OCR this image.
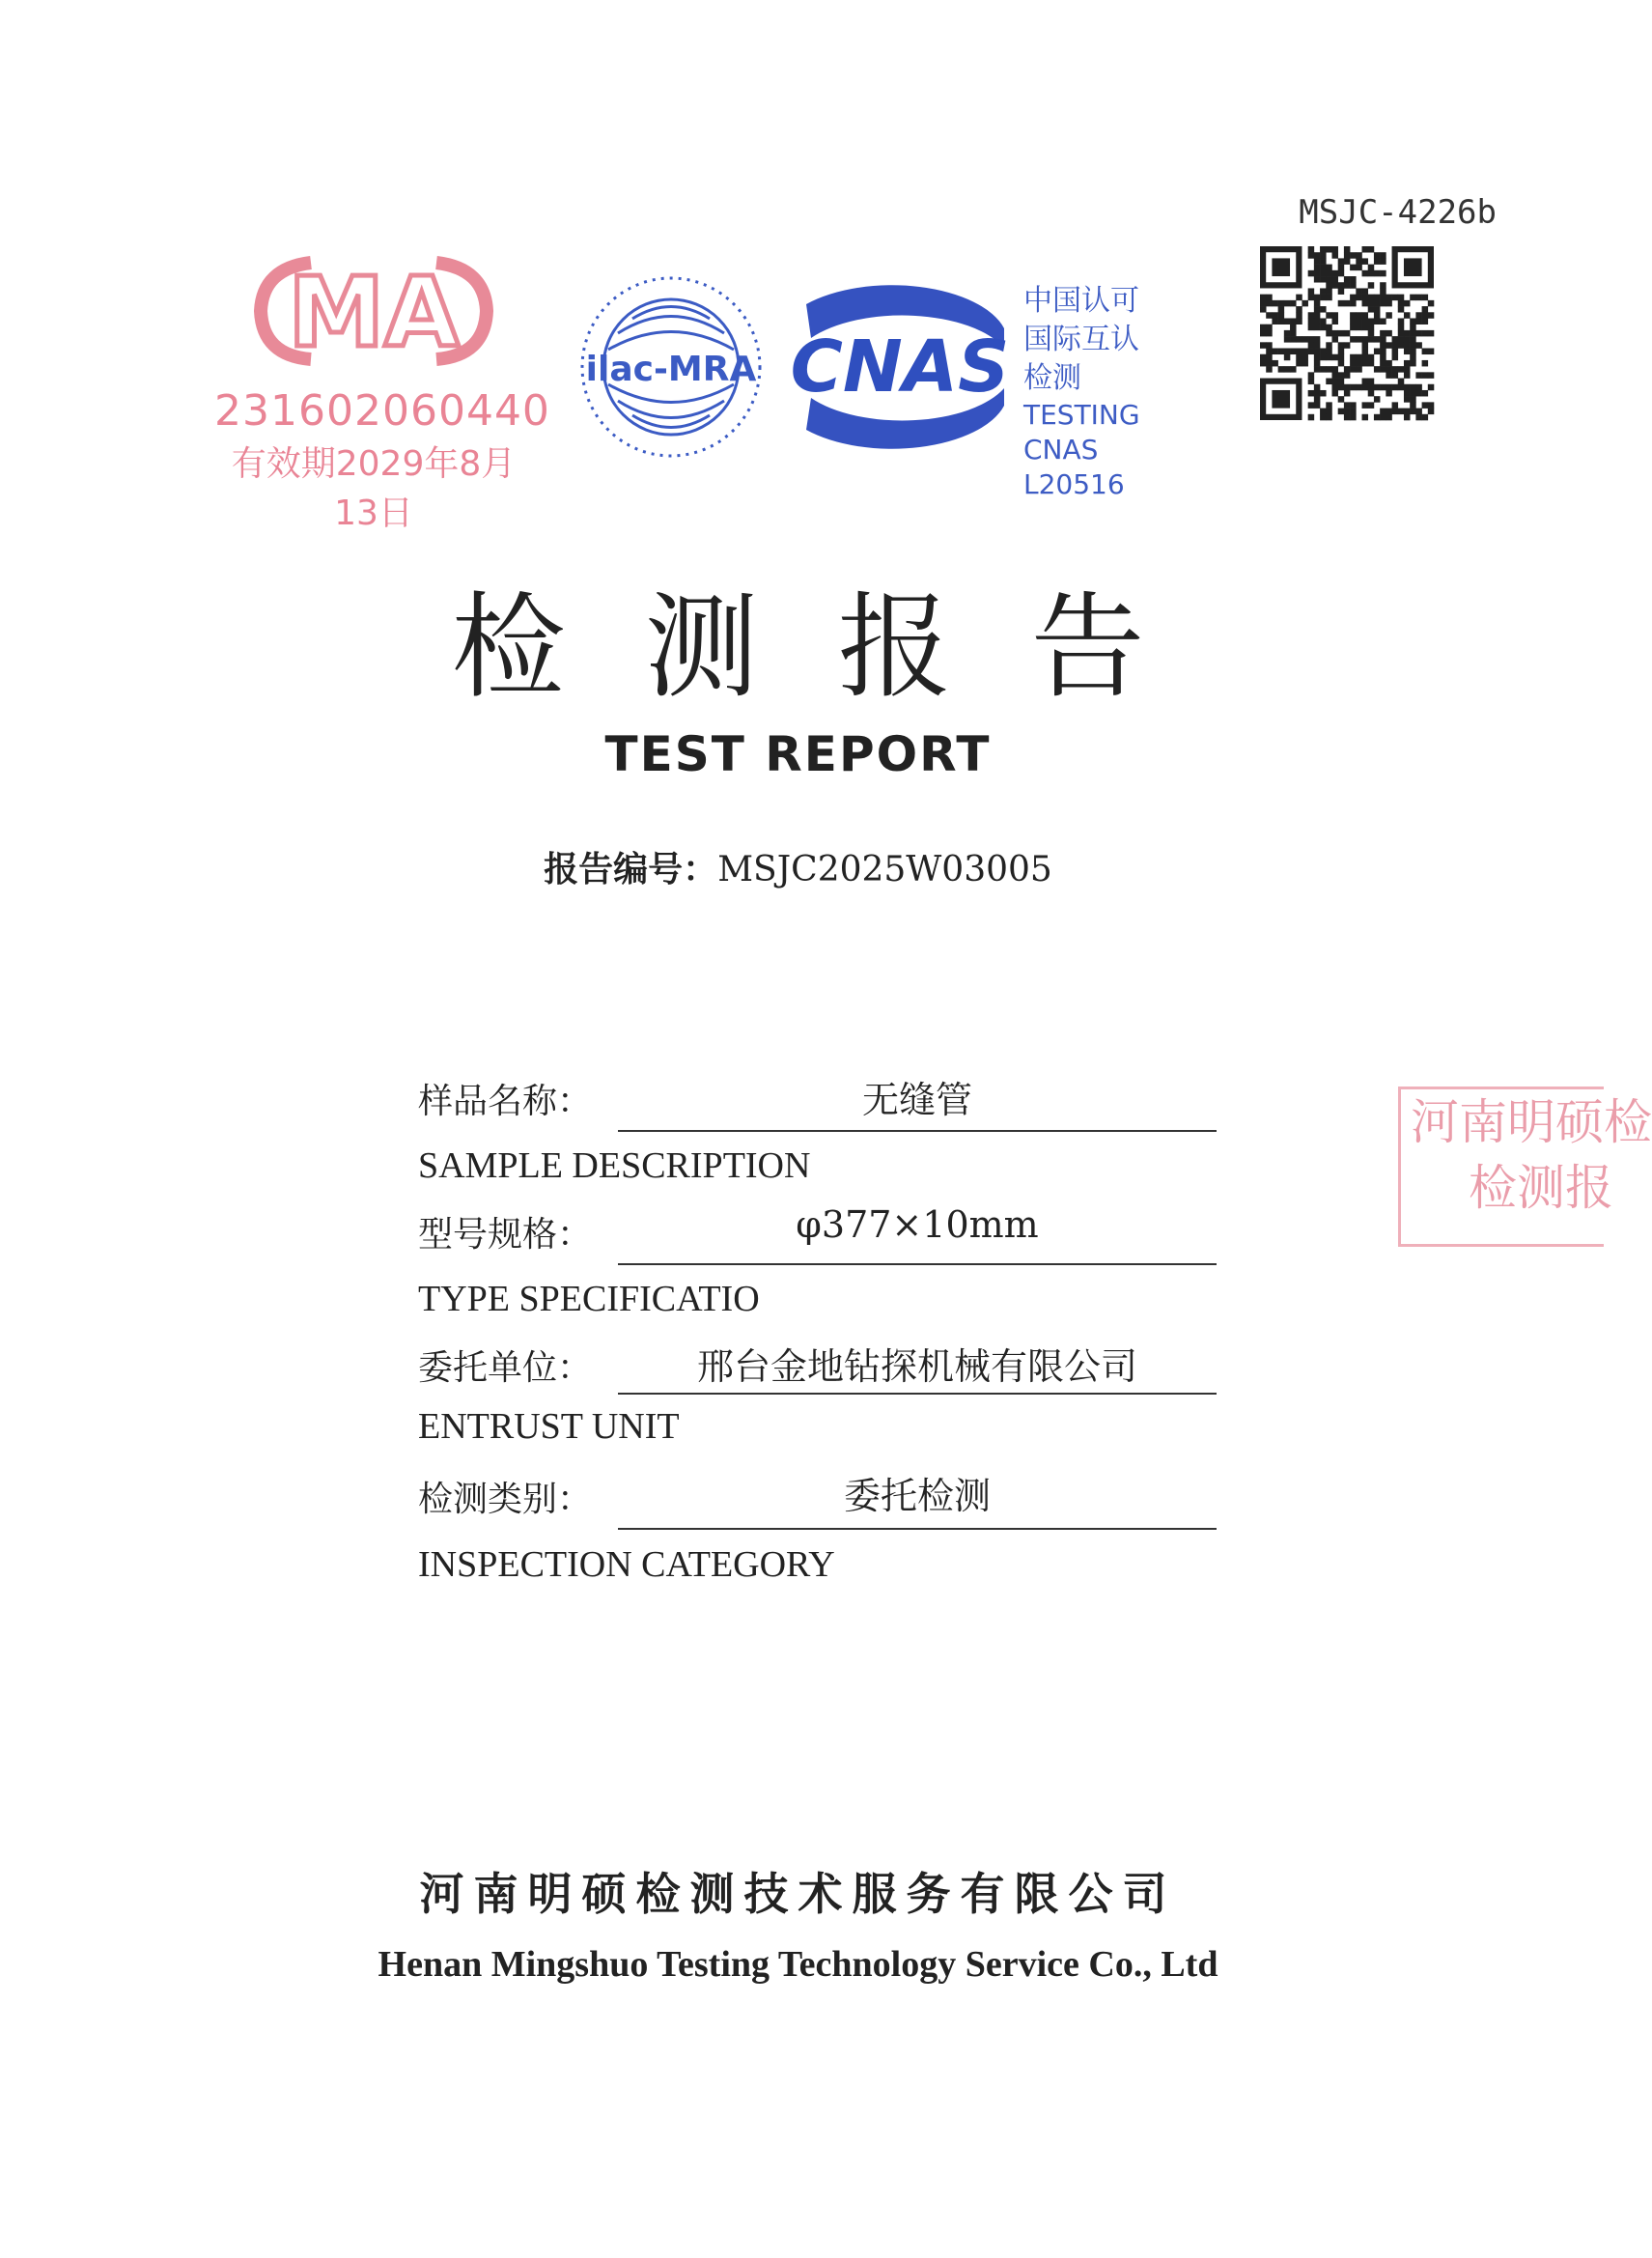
MSJC-4226b
MA
231602060440
有效期2029年8月13日
ilac-MRA CNAS
中国认可
国际互认
检测
TESTING
CNAS L20516
检测报告
TEST REPORT
报告编号：MSJC2025W03005
样品名称：	无缝管
SAMPLE DESCRIPTION
型号规格：	φ377×10mm
TYPE SPECIFICATIO
委托单位：	邢台金地钻探机械有限公司
ENTRUST UNIT
检测类别：	委托检测
INSPECTION CATEGORY
河南明硕检
检测报
河南明硕检测技术服务有限公司
Henan Mingshuo Testing Technology Service Co., Ltd
